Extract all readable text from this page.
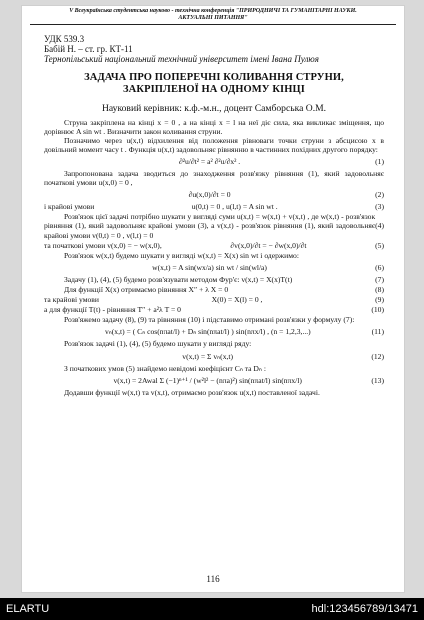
V Всеукраїнська студентська науково - технічна конференція "ПРИРОДНИЧІ ТА ГУМАНІТАРНІ НАУКИ.
АКТУАЛЬНІ ПИТАННЯ"
УДК 539.3
Бабій Н. – ст. гр. КТ-11
Тернопільський національний технічний університет імені Івана Пулюя
ЗАДАЧА ПРО ПОПЕРЕЧНІ КОЛИВАННЯ СТРУНИ,
ЗАКРІПЛЕНОЇ НА ОДНОМУ КІНЦІ
Науковий керівник: к.ф.-м.н., доцент Самборська О.М.

Струна закріплена на кінці x = 0 , а на кінці x = l на неї діє сила, яка викликає зміщення, що дорівнює A sin wt . Визначити закон коливання струни.

Позначимо через u(x,t) відхилення від положення рівноваги точки струни з абсцисою x в довільний момент часу t . Функція u(x,t) задовольняє рівнянню в частинних похідних другого порядку:

∂²u/∂t² = a² ∂²u/∂x² .	(1)

Запропонована задача зводиться до знаходження розв'язку рівняння (1), який задовольняє початкові умови u(x,0) = 0 ,

∂u(x,0)/∂t = 0	(2)
і крайові умови	u(0,t) = 0 , u(l,t) = A sin wt .	(3)

Розв'язок цієї задачі потрібно шукати у вигляді суми u(x,t) = w(x,t) + v(x,t) , де w(x,t) - розв'язок рівняння (1), який задовольняє крайові умови (3), а v(x,t) - розв'язок рівняння (1), який задовольняє крайові умови v(0,t) = 0 , v(l,t) = 0

(4)
та початкові умови v(x,0) = − w(x,0),	∂v(x,0)/∂t = − ∂w(x,0)/∂t	(5)

Розв'язок w(x,t) будемо шукати у вигляді w(x,t) = X(x) sin wt і одержимо:

w(x,t) = A sin(wx/a) sin wt / sin(wl/a)	(6)
Задачу (1), (4), (5) будемо розв'язувати методом Фур'є: v(x,t) = X(x)T(t)	(7)
Для функції X(x) отримаємо рівняння X″ + λ X = 0	(8)
та крайові умови	X(0) = X(l) = 0 ,	(9)
а для функції T(t) - рівняння T″ + a²λ T = 0	(10)

Розв'яжемо задачу (8), (9) та рівняння (10) і підставимо отримані розв'язки у формулу (7):

vₙ(x,t) = ( Cₙ cos(nπat/l) + Dₙ sin(nπat/l) ) sin(nπx/l) , (n = 1,2,3,...)	(11)

Розв'язок задачі (1), (4), (5) будемо шукати у вигляді ряду:

v(x,t) = Σ vₙ(x,t)	(12)

З початкових умов (5) знайдемо невідомі коефіцієнт Cₙ та Dₙ :

v(x,t) = 2Awal Σ (−1)ⁿ⁺¹ / (w²l² − (nπa)²) sin(nπat/l) sin(nπx/l)	(13)

Додавши функції w(x,t) та v(x,t), отримаємо розв'язок u(x,t) поставленої задачі.

116
ELARTU	hdl:123456789/13471
